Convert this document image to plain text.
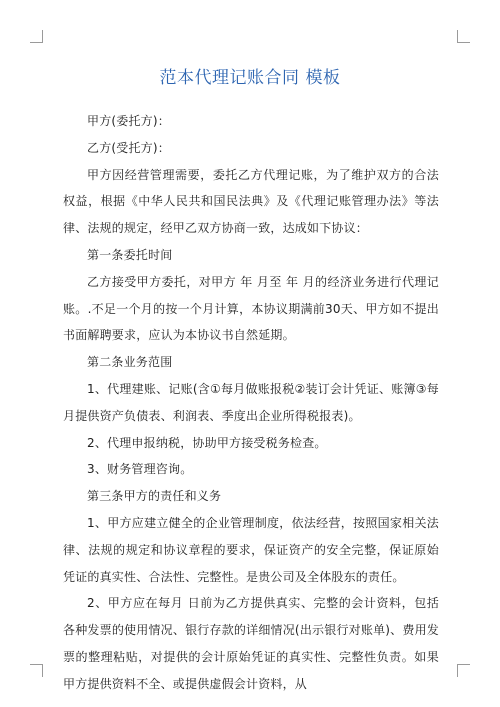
范本代理记账合同 模板

甲方(委托方)：

乙方(受托方)：

甲方因经营管理需要，委托乙方代理记账，为了维护双方的合法权益，根据《中华人民共和国民法典》及《代理记账管理办法》等法律、法规的规定，经甲乙双方协商一致，达成如下协议：

第一条委托时间

乙方接受甲方委托，对甲方 年 月至 年 月的经济业务进行代理记账。.不足一个月的按一个月计算，本协议期满前30天、甲方如不提出书面解聘要求，应认为本协议书自然延期。

第二条业务范围

1、代理建账、记账(含①每月做账报税②装订会计凭证、账簿③每月提供资产负债表、利润表、季度出企业所得税报表)。

2、代理申报纳税，协助甲方接受税务检查。

3、财务管理咨询。

第三条甲方的责任和义务

1、甲方应建立健全的企业管理制度，依法经营，按照国家相关法律、法规的规定和协议章程的要求，保证资产的安全完整，保证原始凭证的真实性、合法性、完整性。是贵公司及全体股东的责任。

2、甲方应在每月 日前为乙方提供真实、完整的会计资料，包括各种发票的使用情况、银行存款的详细情况(出示银行对账单)、费用发票的整理粘贴，对提供的会计原始凭证的真实性、完整性负责。如果甲方提供资料不全、或提供虚假会计资料，从
